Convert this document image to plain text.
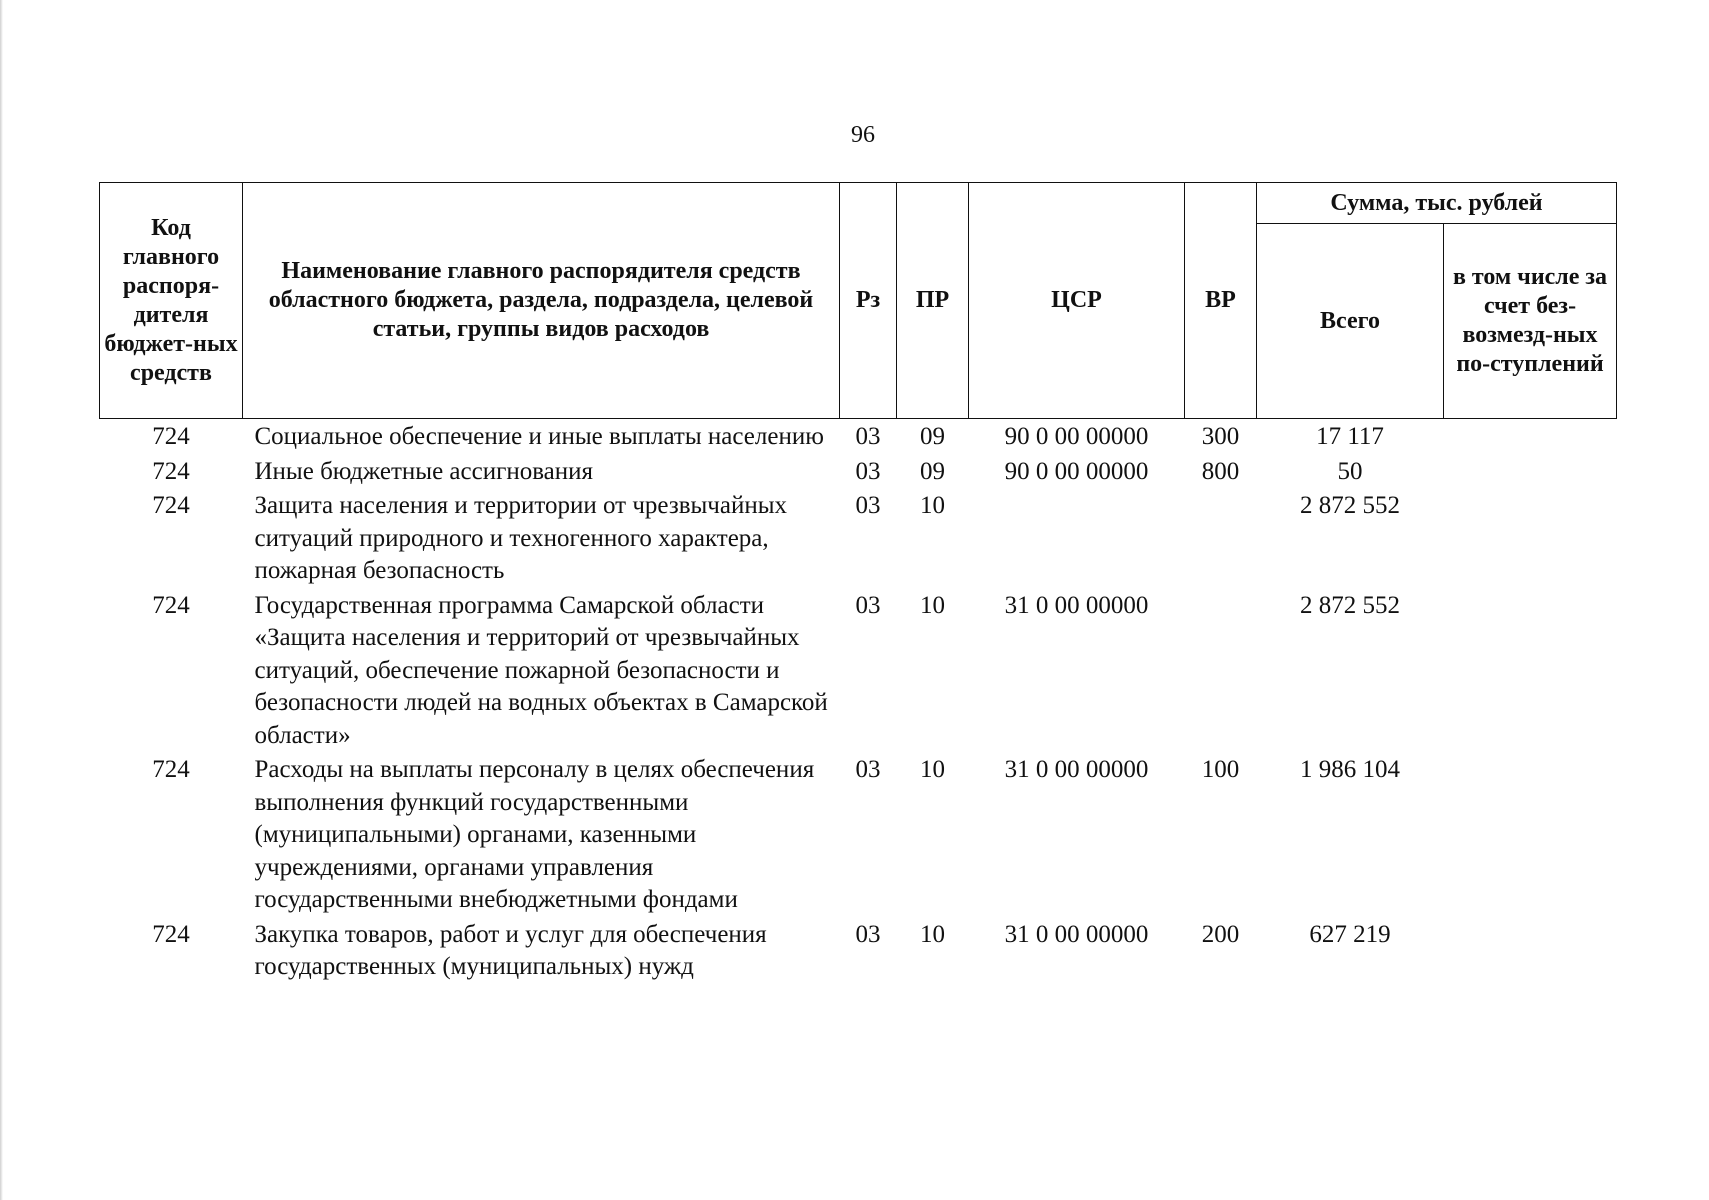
96
Код главного распоря-дителя бюджет-ных средств	Наименование главного распорядителя средств областного бюджета, раздела, подраздела, целевой статьи, группы видов расходов	Рз	ПР	ЦСР	ВР	Сумма, тыс. рублей	
						Всего	в том числе за счет без-возмезд-ных по-ступлений
724	Социальное обеспечение и иные выплаты населению	03	09	90 0 00 00000	300	17 117	
724	Иные бюджетные ассигнования	03	09	90 0 00 00000	800	50	
724	Защита населения и территории от чрезвычайных ситуаций природного и техногенного характера, пожарная безопасность	03	10			2 872 552	
724	Государственная программа Самарской области «Защита населения и территорий от чрезвычайных ситуаций, обеспечение пожарной безопасности и безопасности людей на водных объектах в Самарской области»	03	10	31 0 00 00000		2 872 552	
724	Расходы на выплаты персоналу в целях обеспечения выполнения функций государственными (муниципальными) органами, казенными учреждениями, органами управления государственными внебюджетными фондами	03	10	31 0 00 00000	100	1 986 104	
724	Закупка товаров, работ и услуг для обеспечения государственных (муниципальных) нужд	03	10	31 0 00 00000	200	627 219	
